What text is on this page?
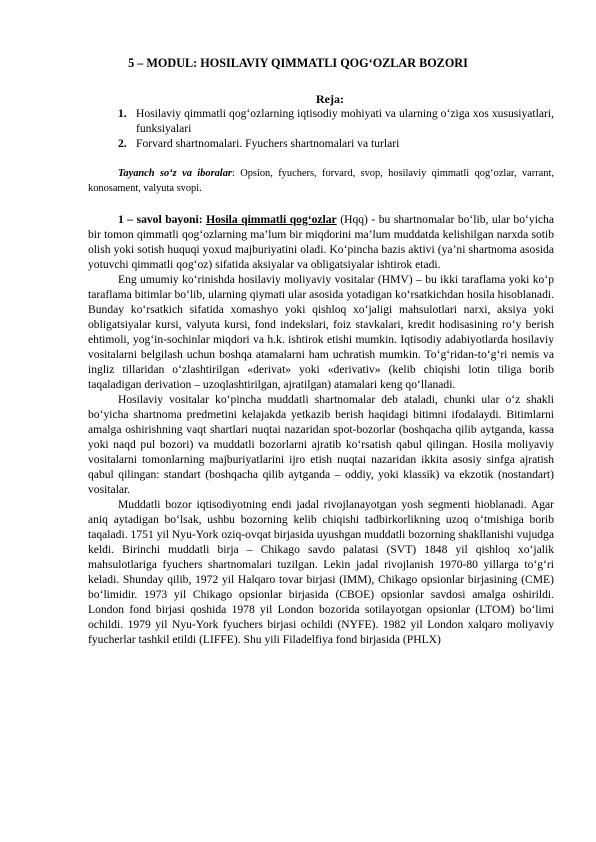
5 – MODUL: HOSILAVIY QIMMATLI QOG‘OZLAR BOZORI
Reja:
1. Hosilaviy qimmatli qog‘ozlarning iqtisodiy mohiyati va ularning o‘ziga xos xususiyatlari, funksiyalari
2. Forvard shartnomalari. Fyuchers shartnomalari va turlari
Tayanch so‘z va iboralar: Opsion, fyuchers, forvard, svop, hosilaviy qimmatli qog‘ozlar, varrant, konosament, valyuta svopi.

1 – savol bayoni: Hosila qimmatli qog‘ozlar (Hqq) - bu shartnomalar bo‘lib, ular bo‘yicha bir tomon qimmatli qog‘ozlarning ma’lum bir miqdorini ma’lum muddatda kelishilgan narxda sotib olish yoki sotish huquqi yoxud majburiyatini oladi. Ko‘pincha bazis aktivi (ya’ni shartnoma asosida yotuvchi qimmatli qog‘oz) sifatida aksiyalar va obligatsiyalar ishtirok etadi.

Eng umumiy ko‘rinishda hosilaviy moliyaviy vositalar (HMV) – bu ikki taraflama yoki ko‘p taraflama bitimlar bo‘lib, ularning qiymati ular asosida yotadigan ko‘rsatkichdan hosila hisoblanadi. Bunday ko‘rsatkich sifatida xomashyo yoki qishloq xo‘jaligi mahsulotlari narxi, aksiya yoki obligatsiyalar kursi, valyuta kursi, fond indekslari, foiz stavkalari, kredit hodisasining ro‘y berish ehtimoli, yog‘in-sochinlar miqdori va h.k. ishtirok etishi mumkin. Iqtisodiy adabiyotlarda hosilaviy vositalarni belgilash uchun boshqa atamalarni ham uchratish mumkin. To‘g‘ridan-to‘g‘ri nemis va ingliz tillaridan o‘zlashtirilgan «derivat» yoki «derivativ» (kelib chiqishi lotin tiliga borib taqaladigan derivation – uzoqlashtirilgan, ajratilgan) atamalari keng qo‘llanadi.

Hosilaviy vositalar ko‘pincha muddatli shartnomalar deb ataladi, chunki ular o‘z shakli bo‘yicha shartnoma predmetini kelajakda yetkazib berish haqidagi bitimni ifodalaydi. Bitimlarni amalga oshirishning vaqt shartlari nuqtai nazaridan spot-bozorlar (boshqacha qilib aytganda, kassa yoki naqd pul bozori) va muddatli bozorlarni ajratib ko‘rsatish qabul qilingan. Hosila moliyaviy vositalarni tomonlarning majburiyatlarini ijro etish nuqtai nazaridan ikkita asosiy sinfga ajratish qabul qilingan: standart (boshqacha qilib aytganda – oddiy, yoki klassik) va ekzotik (nostandart) vositalar.

Muddatli bozor iqtisodiyotning endi jadal rivojlanayotgan yosh segmenti hioblanadi. Agar aniq aytadigan bo‘lsak, ushbu bozorning kelib chiqishi tadbirkorlikning uzoq o‘tmishiga borib taqaladi. 1751 yil Nyu-York oziq-ovqat birjasida uyushgan muddatli bozorning shakllanishi vujudga keldi. Birinchi muddatli birja – Chikago savdo palatasi (SVT) 1848 yil qishloq xo‘jalik mahsulotlariga fyuchers shartnomalari tuzilgan. Lekin jadal rivojlanish 1970-80 yillarga to‘g‘ri keladi. Shunday qilib, 1972 yil Halqaro tovar birjasi (IMM), Chikago opsionlar birjasining (CME) bo‘limidir. 1973 yil Chikago opsionlar birjasida (CBOE) opsionlar savdosi amalga oshirildi. London fond birjasi qoshida 1978 yil London bozorida sotilayotgan opsionlar (LTOM) bo‘limi ochildi. 1979 yil Nyu-York fyuchers birjasi ochildi (NYFE). 1982 yil London xalqaro moliyaviy fyucherlar tashkil etildi (LIFFE). Shu yili Filadelfiya fond birjasida (PHLX)
